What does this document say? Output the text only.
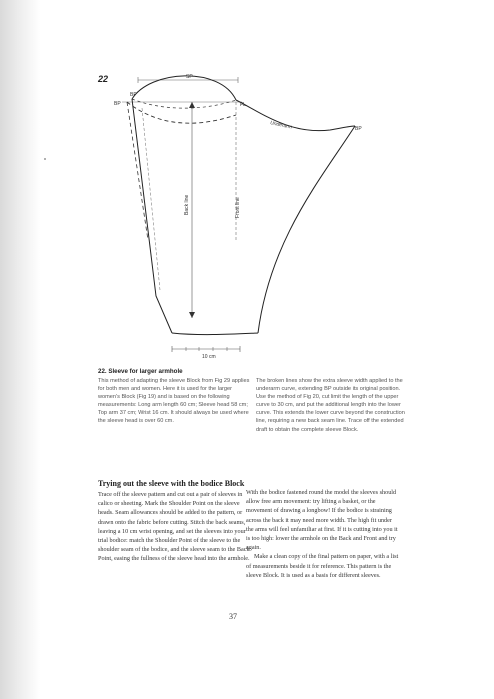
22	SP
BP
BP	FL
BP
Underarm
Back line	Front line
10 cm
22. Sleeve for larger armhole
This method of adapting the sleeve Block from Fig 29 applies for both men and women. Here it is used for the larger women's Block (Fig 19) and is based on the following measurements: Long arm length 60 cm; Sleeve head 58 cm; Top arm 37 cm; Wrist 16 cm. It should always be used where the sleeve head is over 60 cm.
The broken lines show the extra sleeve width applied to the underarm curve, extending BP outside its original position. Use the method of Fig 20, cut limit the length of the upper curve to 30 cm, and put the additional length into the lower curve. This extends the lower curve beyond the construction line, requiring a new back seam line. Trace off the extended draft to obtain the complete sleeve Block.
Trying out the sleeve with the bodice Block
Trace off the sleeve pattern and cut out a pair of sleeves in calico or sheeting. Mark the Shoulder Point on the sleeve heads. Seam allowances should be added to the pattern, or drawn onto the fabric before cutting. Stitch the back seams, leaving a 10 cm wrist opening, and set the sleeves into your trial bodice: match the Shoulder Point of the sleeve to the shoulder seam of the bodice, and the sleeve seam to the Back Point, easing the fullness of the sleeve head into the armhole.

With the bodice fastened round the model the sleeves should allow free arm movement: try lifting a basket, or the movement of drawing a longbow! If the bodice is straining across the back it may need more width. The high fit under the arms will feel unfamiliar at first. If it is cutting into you it is too high: lower the armhole on the Back and Front and try again.

Make a clean copy of the final pattern on paper, with a list of measurements beside it for reference. This pattern is the sleeve Block. It is used as a basis for different sleeves.

37
